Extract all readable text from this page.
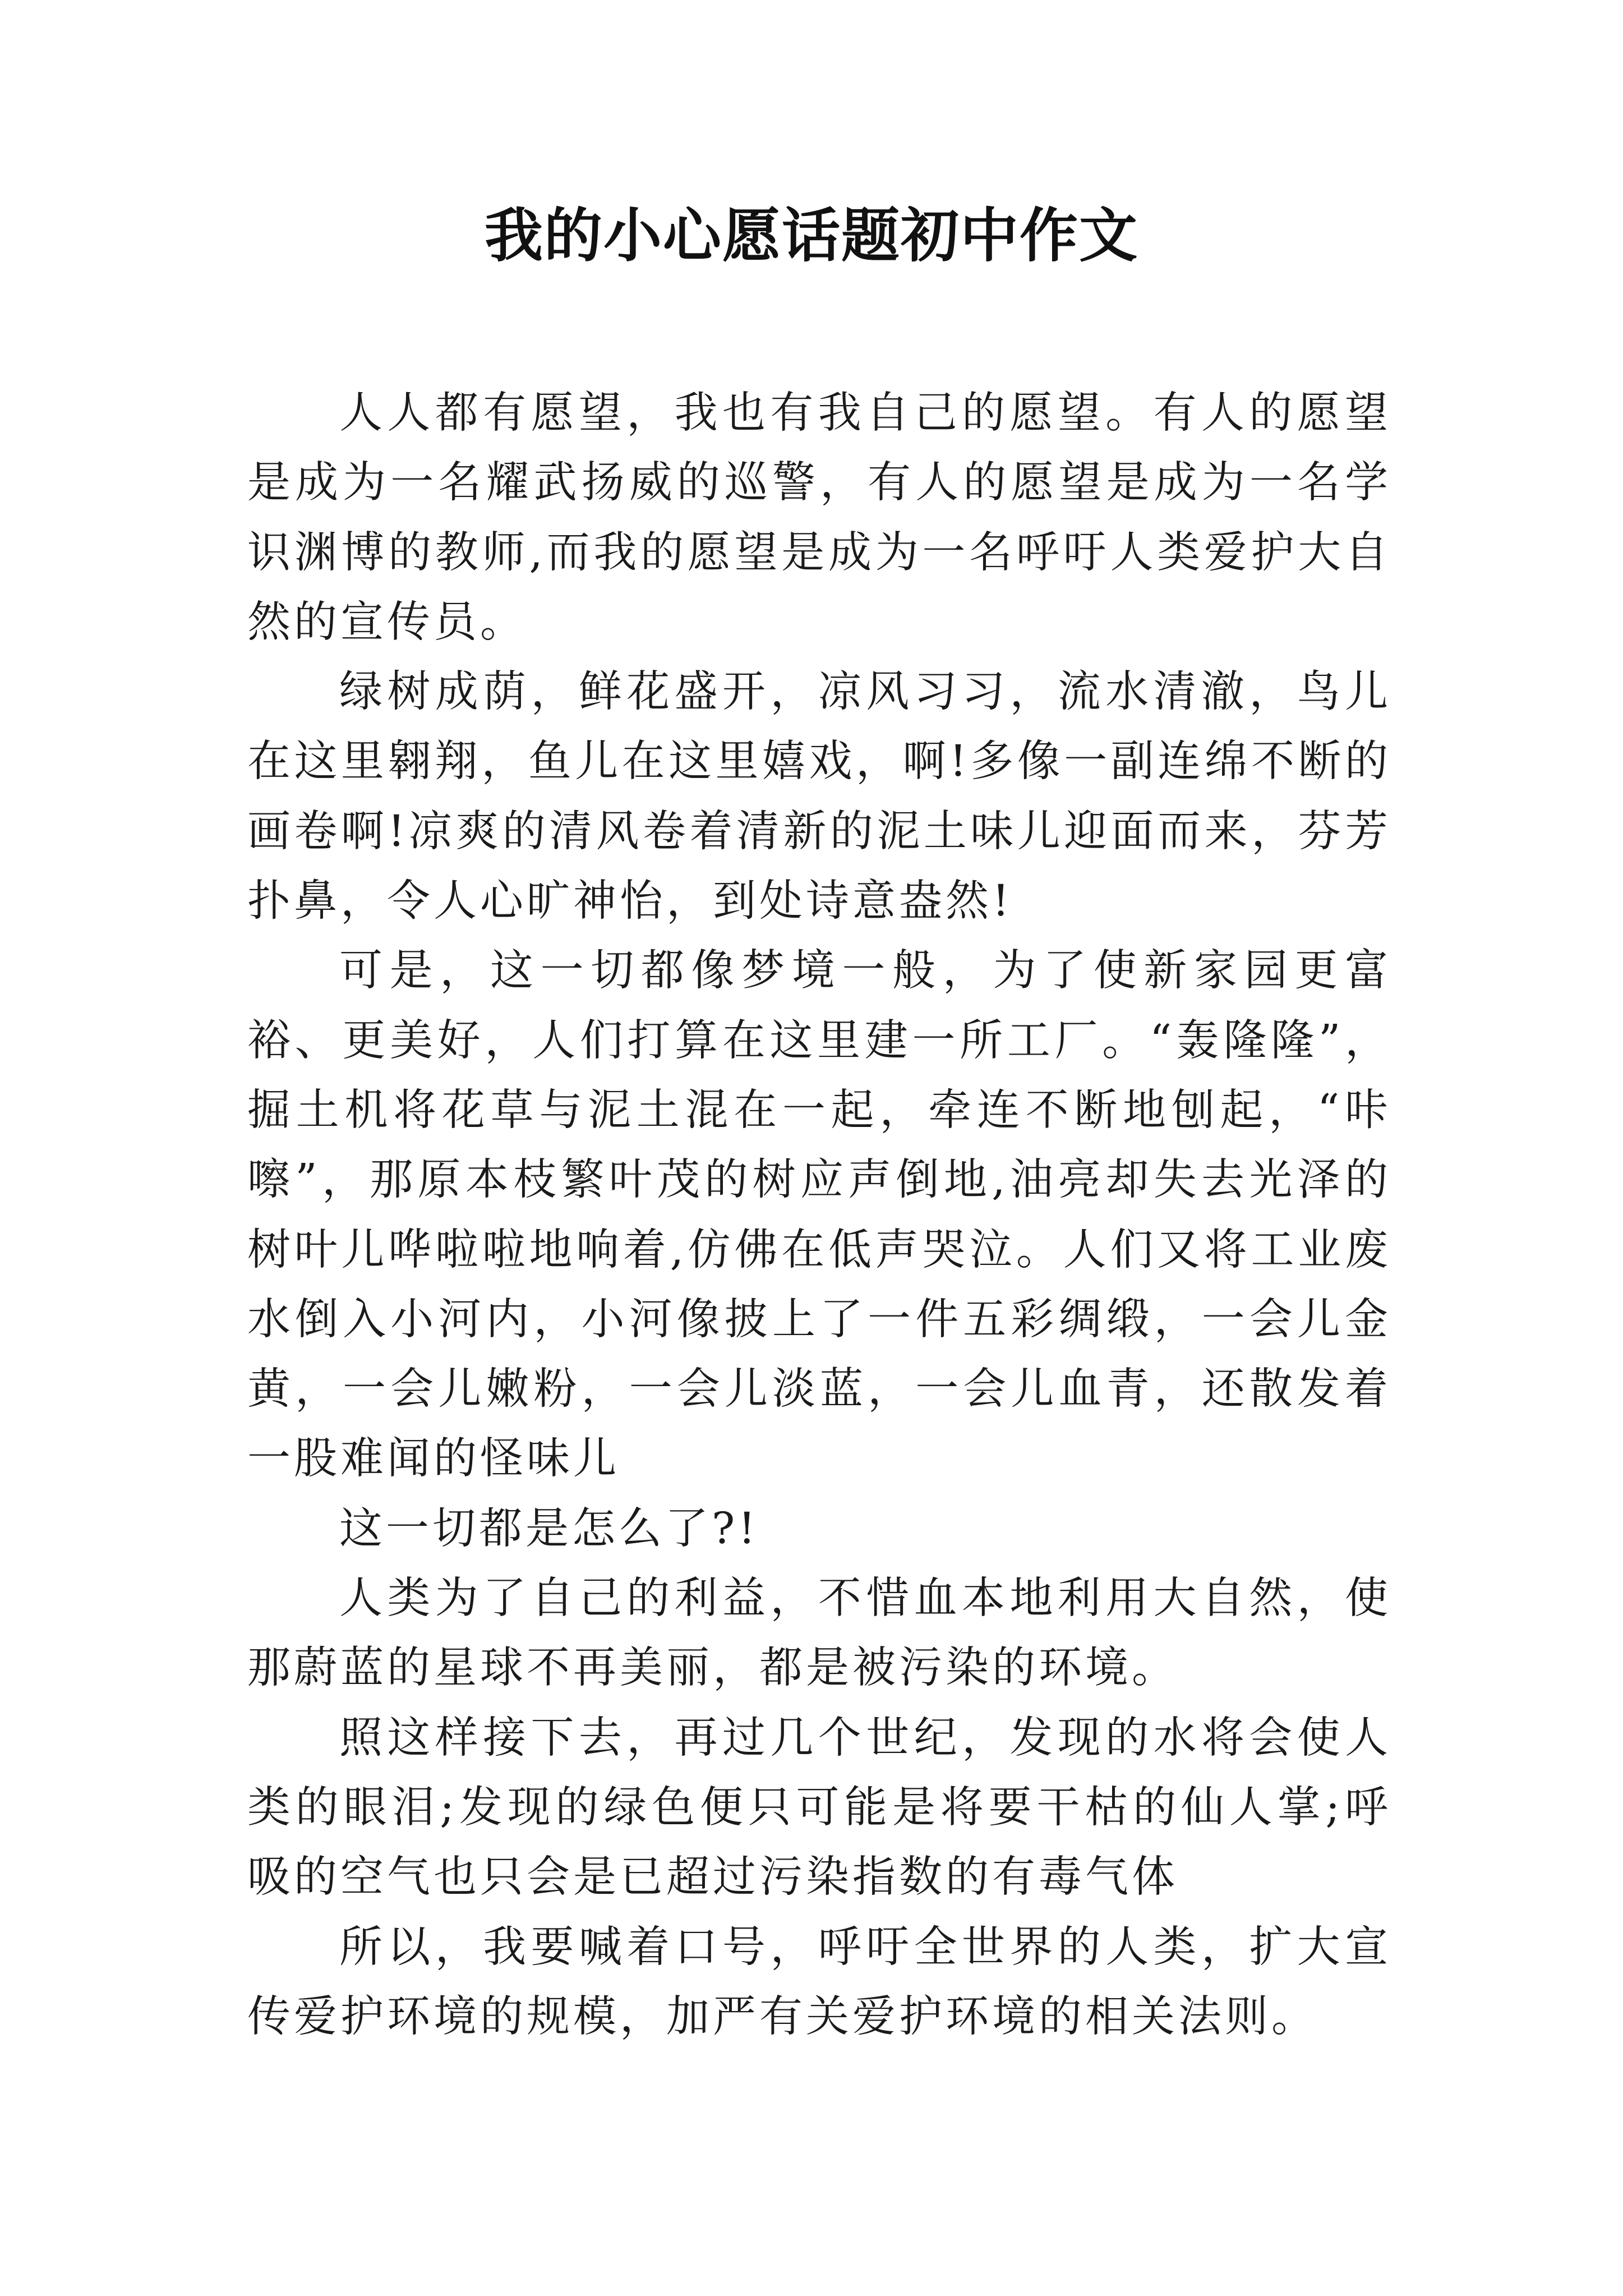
我的小心愿话题初中作文

人人都有愿望，我也有我自己的愿望。有人的愿望是成为一名耀武扬威的巡警，有人的愿望是成为一名学识渊博的教师,而我的愿望是成为一名呼吁人类爱护大自然的宣传员。

绿树成荫，鲜花盛开，凉风习习，流水清澈，鸟儿在这里翱翔，鱼儿在这里嬉戏，啊!多像一副连绵不断的画卷啊!凉爽的清风卷着清新的泥土味儿迎面而来，芬芳扑鼻，令人心旷神怡，到处诗意盎然!

可是，这一切都像梦境一般，为了使新家园更富裕、更美好，人们打算在这里建一所工厂。“轰隆隆”，掘土机将花草与泥土混在一起，牵连不断地刨起，“咔嚓”，那原本枝繁叶茂的树应声倒地,油亮却失去光泽的树叶儿哗啦啦地响着,仿佛在低声哭泣。人们又将工业废水倒入小河内，小河像披上了一件五彩绸缎，一会儿金黄，一会儿嫩粉，一会儿淡蓝，一会儿血青，还散发着一股难闻的怪味儿

这一切都是怎么了?!

人类为了自己的利益，不惜血本地利用大自然，使那蔚蓝的星球不再美丽，都是被污染的环境。

照这样接下去，再过几个世纪，发现的水将会使人类的眼泪;发现的绿色便只可能是将要干枯的仙人掌;呼吸的空气也只会是已超过污染指数的有毒气体

所以，我要喊着口号，呼吁全世界的人类，扩大宣传爱护环境的规模，加严有关爱护环境的相关法则。
